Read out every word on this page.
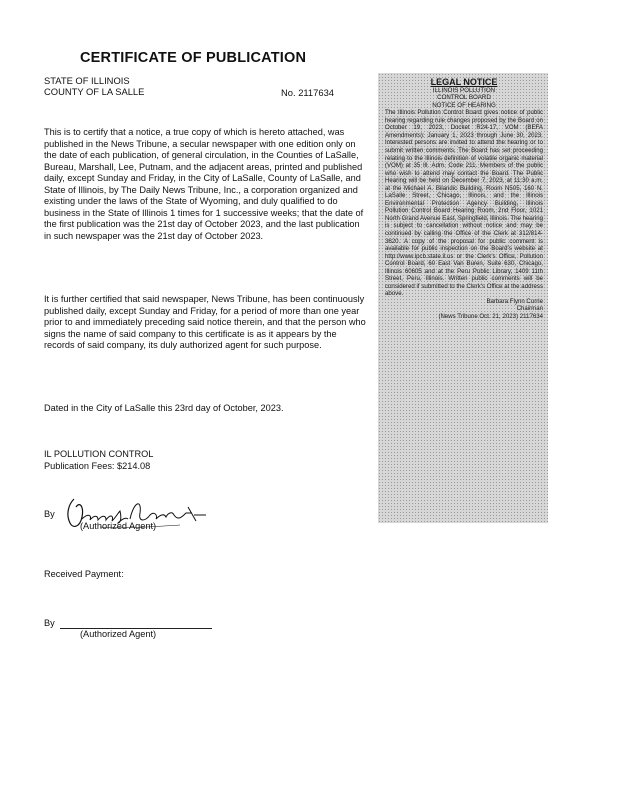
CERTIFICATE OF PUBLICATION
STATE OF ILLINOIS
COUNTY OF LA SALLE	No. 2117634

This is to certify that a notice, a true copy of which is hereto attached, was published in the News Tribune, a secular newspaper with one edition only on the date of each publication, of general circulation, in the Counties of LaSalle, Bureau, Marshall, Lee, Putnam, and the adjacent areas, printed and published daily, except Sunday and Friday, in the City of LaSalle, County of LaSalle, and State of Illinois, by The Daily News Tribune, Inc., a corporation organized and existing under the laws of the State of Wyoming, and duly qualified to do business in the State of Illinois 1 times for 1 successive weeks; that the date of the first publication was the 21st day of October 2023, and the last publication in such newspaper was the 21st day of October 2023.

It is further certified that said newspaper, News Tribune, has been continuously published daily, except Sunday and Friday, for a period of more than one year prior to and immediately preceding said notice therein, and that the person who signs the name of said company to this certificate is as it appears by the records of said company, its duly authorized agent for such purpose.

Dated in the City of LaSalle this 23rd day of October, 2023.
IL POLLUTION CONTROL
Publication Fees: $214.08
By
(Authorized Agent)
Received Payment:
By
(Authorized Agent)
LEGAL NOTICE
ILLINOIS POLLUTION
CONTROL BOARD
NOTICE OF HEARING

The Illinois Pollution Control Board gives notice of public hearing regarding rule changes proposed by the Board on October 19, 2023, Docket R24-17, VOM (BEFA Amendments): January 1, 2023 through June 30, 2023. Interested persons are invited to attend the hearing or to submit written comments. The Board has set proceeding relating to the Illinois definition of volatile organic material (VOM) at 35 Ill. Adm. Code 211. Members of the public who wish to attend may contact the Board. The Public Hearing will be held on December 7, 2023, at 11:30 a.m. at the Michael A. Bilandic Building, Room N505, 160 N. LaSalle Street, Chicago, Illinois, and the Illinois Environmental Protection Agency Building, Illinois Pollution Control Board Hearing Room, 2nd Floor, 1021 North Grand Avenue East, Springfield, Illinois. The hearing is subject to cancellation without notice and may be continued by calling the Office of the Clerk at 312/814-3620. A copy of the proposal for public comment is available for public inspection on the Board's website at http://www.ipcb.state.il.us or the Clerk's Office, Pollution Control Board, 60 East Van Buren, Suite 630, Chicago, Illinois 60605 and at the Peru Public Library, 1409 11th Street, Peru, Illinois. Written public comments will be considered if submitted to the Clerk's Office at the address above.

Barbara Flynn Currie

Chairman

(News Tribune Oct. 21, 2023) 2117634
